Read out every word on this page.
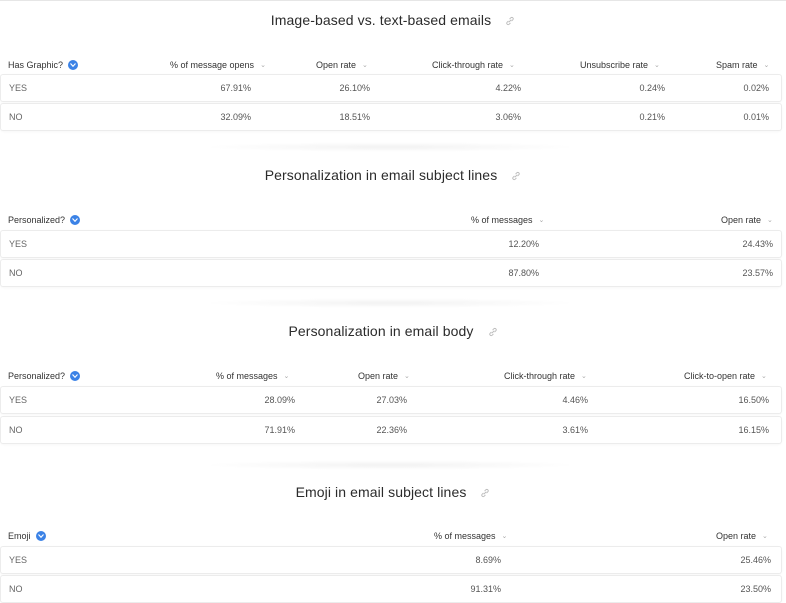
Image-based vs. text-based emails
Has Graphic?	% of message opens ⌄	Open rate ⌄	Click-through rate ⌄	Unsubscribe rate ⌄	Spam rate ⌄
YES	67.91%	26.10%	4.22%	0.24%	0.02%
NO	32.09%	18.51%	3.06%	0.21%	0.01%
Personalization in email subject lines
Personalized?	% of messages ⌄	Open rate ⌄
YES	12.20%	24.43%
NO	87.80%	23.57%
Personalization in email body
Personalized?	% of messages ⌄	Open rate ⌄	Click-through rate ⌄	Click-to-open rate ⌄
YES	28.09%	27.03%	4.46%	16.50%
NO	71.91%	22.36%	3.61%	16.15%
Emoji in email subject lines
Emoji	% of messages ⌄	Open rate ⌄
YES	8.69%	25.46%
NO	91.31%	23.50%
